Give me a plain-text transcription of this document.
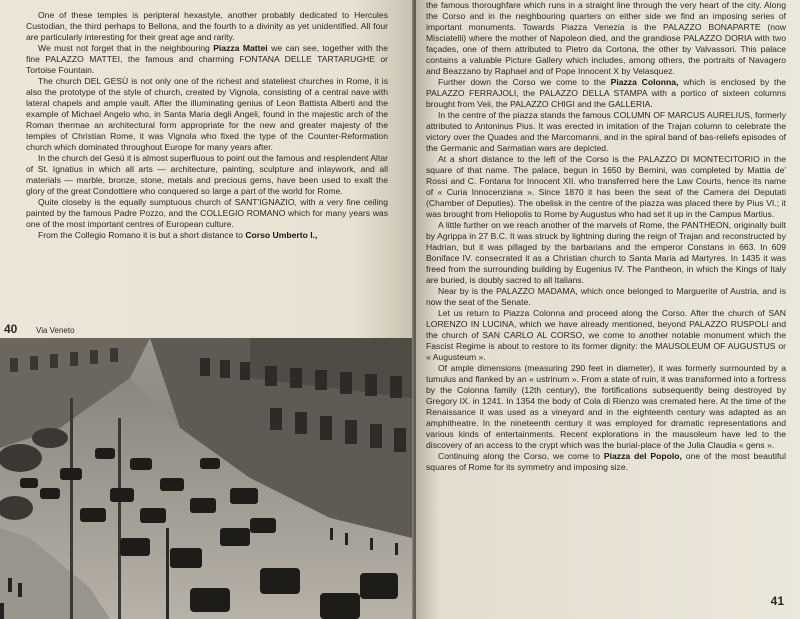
One of these temples is peripteral hexastyle, another probably dedicated to Hercules Custodian, the third perhaps to Bellona, and the fourth to a divinity as yet unidentified. All four are particularly interesting for their great age and rarity.

We must not forget that in the neighbouring Piazza Mattei we can see, together with the fine PALAZZO MATTEI, the famous and charming FONTANA DELLE TARTARUGHE or Tortoise Fountain.

The church DEL GESÙ is not only one of the richest and stateliest churches in Rome, it is also the prototype of the style of church, created by Vignola, consisting of a central nave with lateral chapels and ample vault. After the illuminating genius of Leon Battista Alberti and the example of Michael Angelo who, in Santa Maria degli Angeli, found in the majestic arch of the Roman thermae an architectural form appropriate for the new and greater majesty of the temples of Christian Rome, it was Vignola who fixed the type of the Counter-Reformation church which dominated throughout Europe for many years after.

In the church del Gesù it is almost superfluous to point out the famous and resplendent Altar of St. Ignatius in which all arts — architecture, painting, sculpture and inlaywork, and all materials — marble, bronze, stone, metals and precious gems, have been used to exalt the glory of the great Condottiere who conquered so large a part of the world for Rome.

Quite closeby is the equally sumptuous church of SANT'IGNAZIO, with a very fine ceiling painted by the famous Padre Pozzo, and the COLLEGIO ROMANO which for many years was one of the most important centres of European culture.

From the Collegio Romano it is but a short distance to Corso Umberto I.,

40 Via Veneto

the famous thoroughfare which runs in a straight line through the very heart of the city. Along the Corso and in the neighbouring quarters on either side we find an imposing series of important monuments. Towards Piazza Venezia is the PALAZZO BONAPARTE (now Misciatelli) where the mother of Napoleon died, and the grandiose PALAZZO DORIA with two façades, one of them attributed to Pietro da Cortona, the other by Valvassori. This palace contains a valuable Picture Gallery which includes, among others, the portraits of Navagero and Beazzano by Raphael and of Pope Innocent X by Velasquez.

Further down the Corso we come to the Piazza Colonna, which is enclosed by the PALAZZO FERRAJOLI, the PALAZZO DELLA STAMPA with a portico of sixteen columns brought from Veii, the PALAZZO CHIGI and the GALLERIA.

In the centre of the piazza stands the famous COLUMN OF MARCUS AURELIUS, formerly attributed to Antoninus Pius. It was erected in imitation of the Trajan column to celebrate the victory over the Quades and the Marcomanni, and in the spiral band of bas-reliefs episodes of the Germanic and Sarmatian wars are depicted.

At a short distance to the left of the Corso is the PALAZZO DI MONTECITORIO in the square of that name. The palace, begun in 1650 by Bernini, was completed by Mattia de' Rossi and C. Fontana for Innocent XII. who transferred here the Law Courts, hence its name of « Curia Innocenziana ». Since 1870 it has been the seat of the Camera dei Deputati (Chamber of Deputies). The obelisk in the centre of the piazza was placed there by Pius VI.; it was brought from Heliopolis to Rome by Augustus who had set it up in the Campus Martius.

A little further on we reach another of the marvels of Rome, the PANTHEON, originally built by Agrippa in 27 B.C. It was struck by lightning during the reign of Trajan and reconstructed by Hadrian, but it was pillaged by the barbarians and the emperor Constans in 663. In 609 Boniface IV. consecrated it as a Christian church to Santa Maria ad Martyres. In 1435 it was freed from the surrounding building by Eugenius IV. The Pantheon, in which the Kings of Italy are buried, is doubly sacred to all Italians.

Near by is the PALAZZO MADAMA, which once belonged to Marguerite of Austria, and is now the seat of the Senate.

Let us return to Piazza Colonna and proceed along the Corso. After the church of SAN LORENZO IN LUCINA, which we have already mentioned, beyond PALAZZO RUSPOLI and the church of SAN CARLO AL CORSO, we come to another notable monument which the Fascist Regime is about to restore to its former dignity: the MAUSOLEUM OF AUGUSTUS or « Augusteum ».

Of ample dimensions (measuring 290 feet in diameter), it was formerly surmounted by a tumulus and flanked by an « ustrinum ». From a state of ruin, it was transformed into a fortress by the Colonna family (12th century), the fortifications subsequently being destroyed by Gregory IX. in 1241. In 1354 the body of Cola di Rienzo was cremated here. At the time of the Renaissance it was used as a vineyard and in the eighteenth century was adapted as an amphitheatre. In the nineteenth century it was employed for dramatic representations and various kinds of entertainments. Recent explorations in the mausoleum have led to the discovery of an access to the crypt which was the burial-place of the Julia Claudia « gens ».

Continuing along the Corso, we come to Piazza del Popolo, one of the most beautiful squares of Rome for its symmetry and imposing size.

41
